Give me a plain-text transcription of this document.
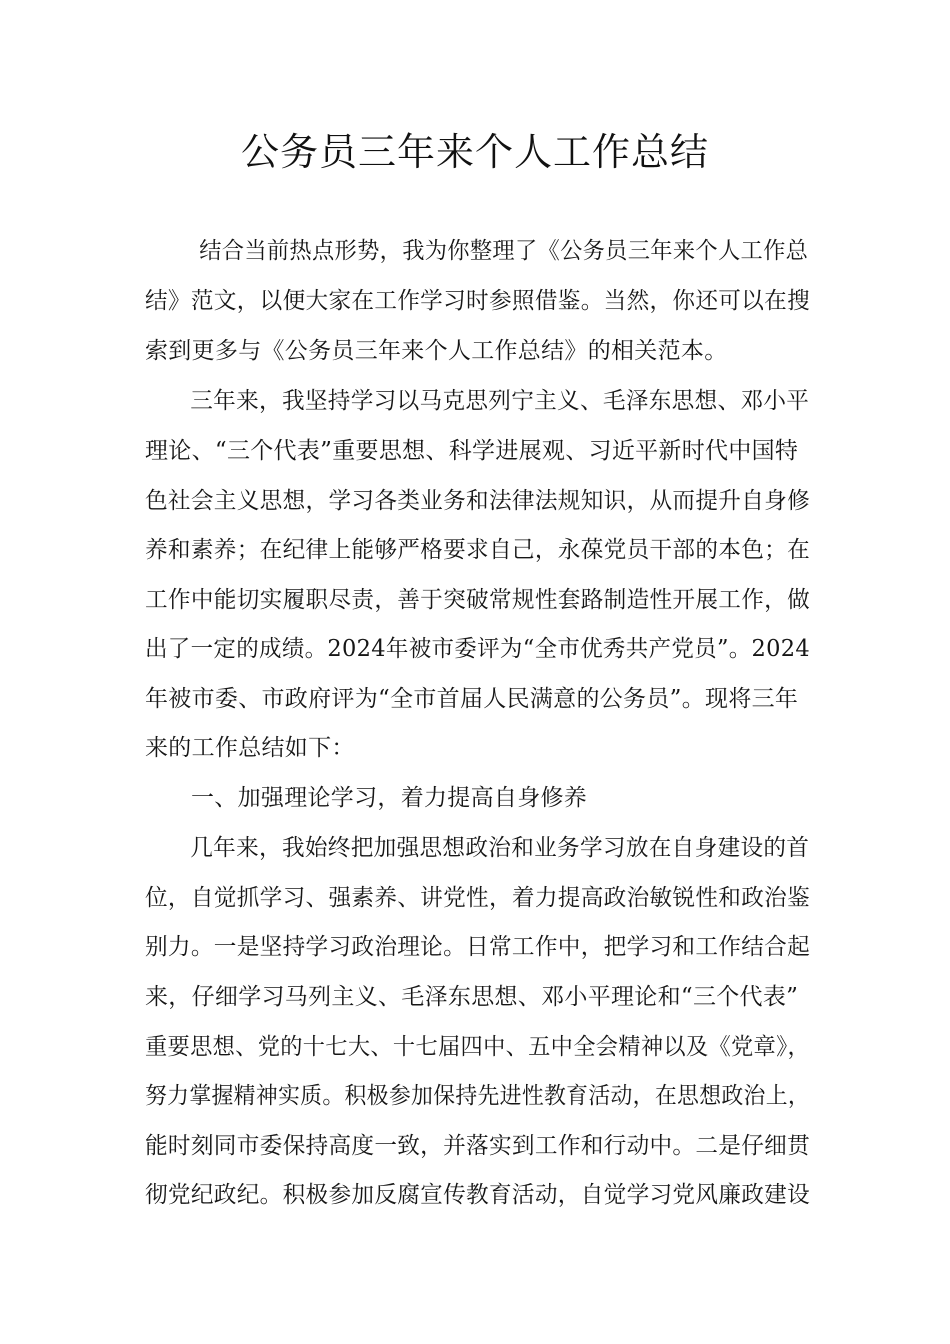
公务员三年来个人工作总结
结合当前热点形势，我为你整理了《公务员三年来个人工作总
结》范文，以便大家在工作学习时参照借鉴。当然，你还可以在搜
索到更多与《公务员三年来个人工作总结》的相关范本。
三年来，我坚持学习以马克思列宁主义、毛泽东思想、邓小平
理论、“三个代表”重要思想、科学进展观、习近平新时代中国特
色社会主义思想，学习各类业务和法律法规知识，从而提升自身修
养和素养；在纪律上能够严格要求自己，永葆党员干部的本色；在
工作中能切实履职尽责，善于突破常规性套路制造性开展工作，做
出了一定的成绩。2024年被市委评为“全市优秀共产党员”。2024
年被市委、市政府评为“全市首届人民满意的公务员”。现将三年
来的工作总结如下：
一、加强理论学习，着力提高自身修养
几年来，我始终把加强思想政治和业务学习放在自身建设的首
位，自觉抓学习、强素养、讲党性，着力提高政治敏锐性和政治鉴
别力。一是坚持学习政治理论。日常工作中，把学习和工作结合起
来，仔细学习马列主义、毛泽东思想、邓小平理论和“三个代表”
重要思想、党的十七大、十七届四中、五中全会精神以及《党章》，
努力掌握精神实质。积极参加保持先进性教育活动，在思想政治上，
能时刻同市委保持高度一致，并落实到工作和行动中。二是仔细贯
彻党纪政纪。积极参加反腐宣传教育活动，自觉学习党风廉政建设
